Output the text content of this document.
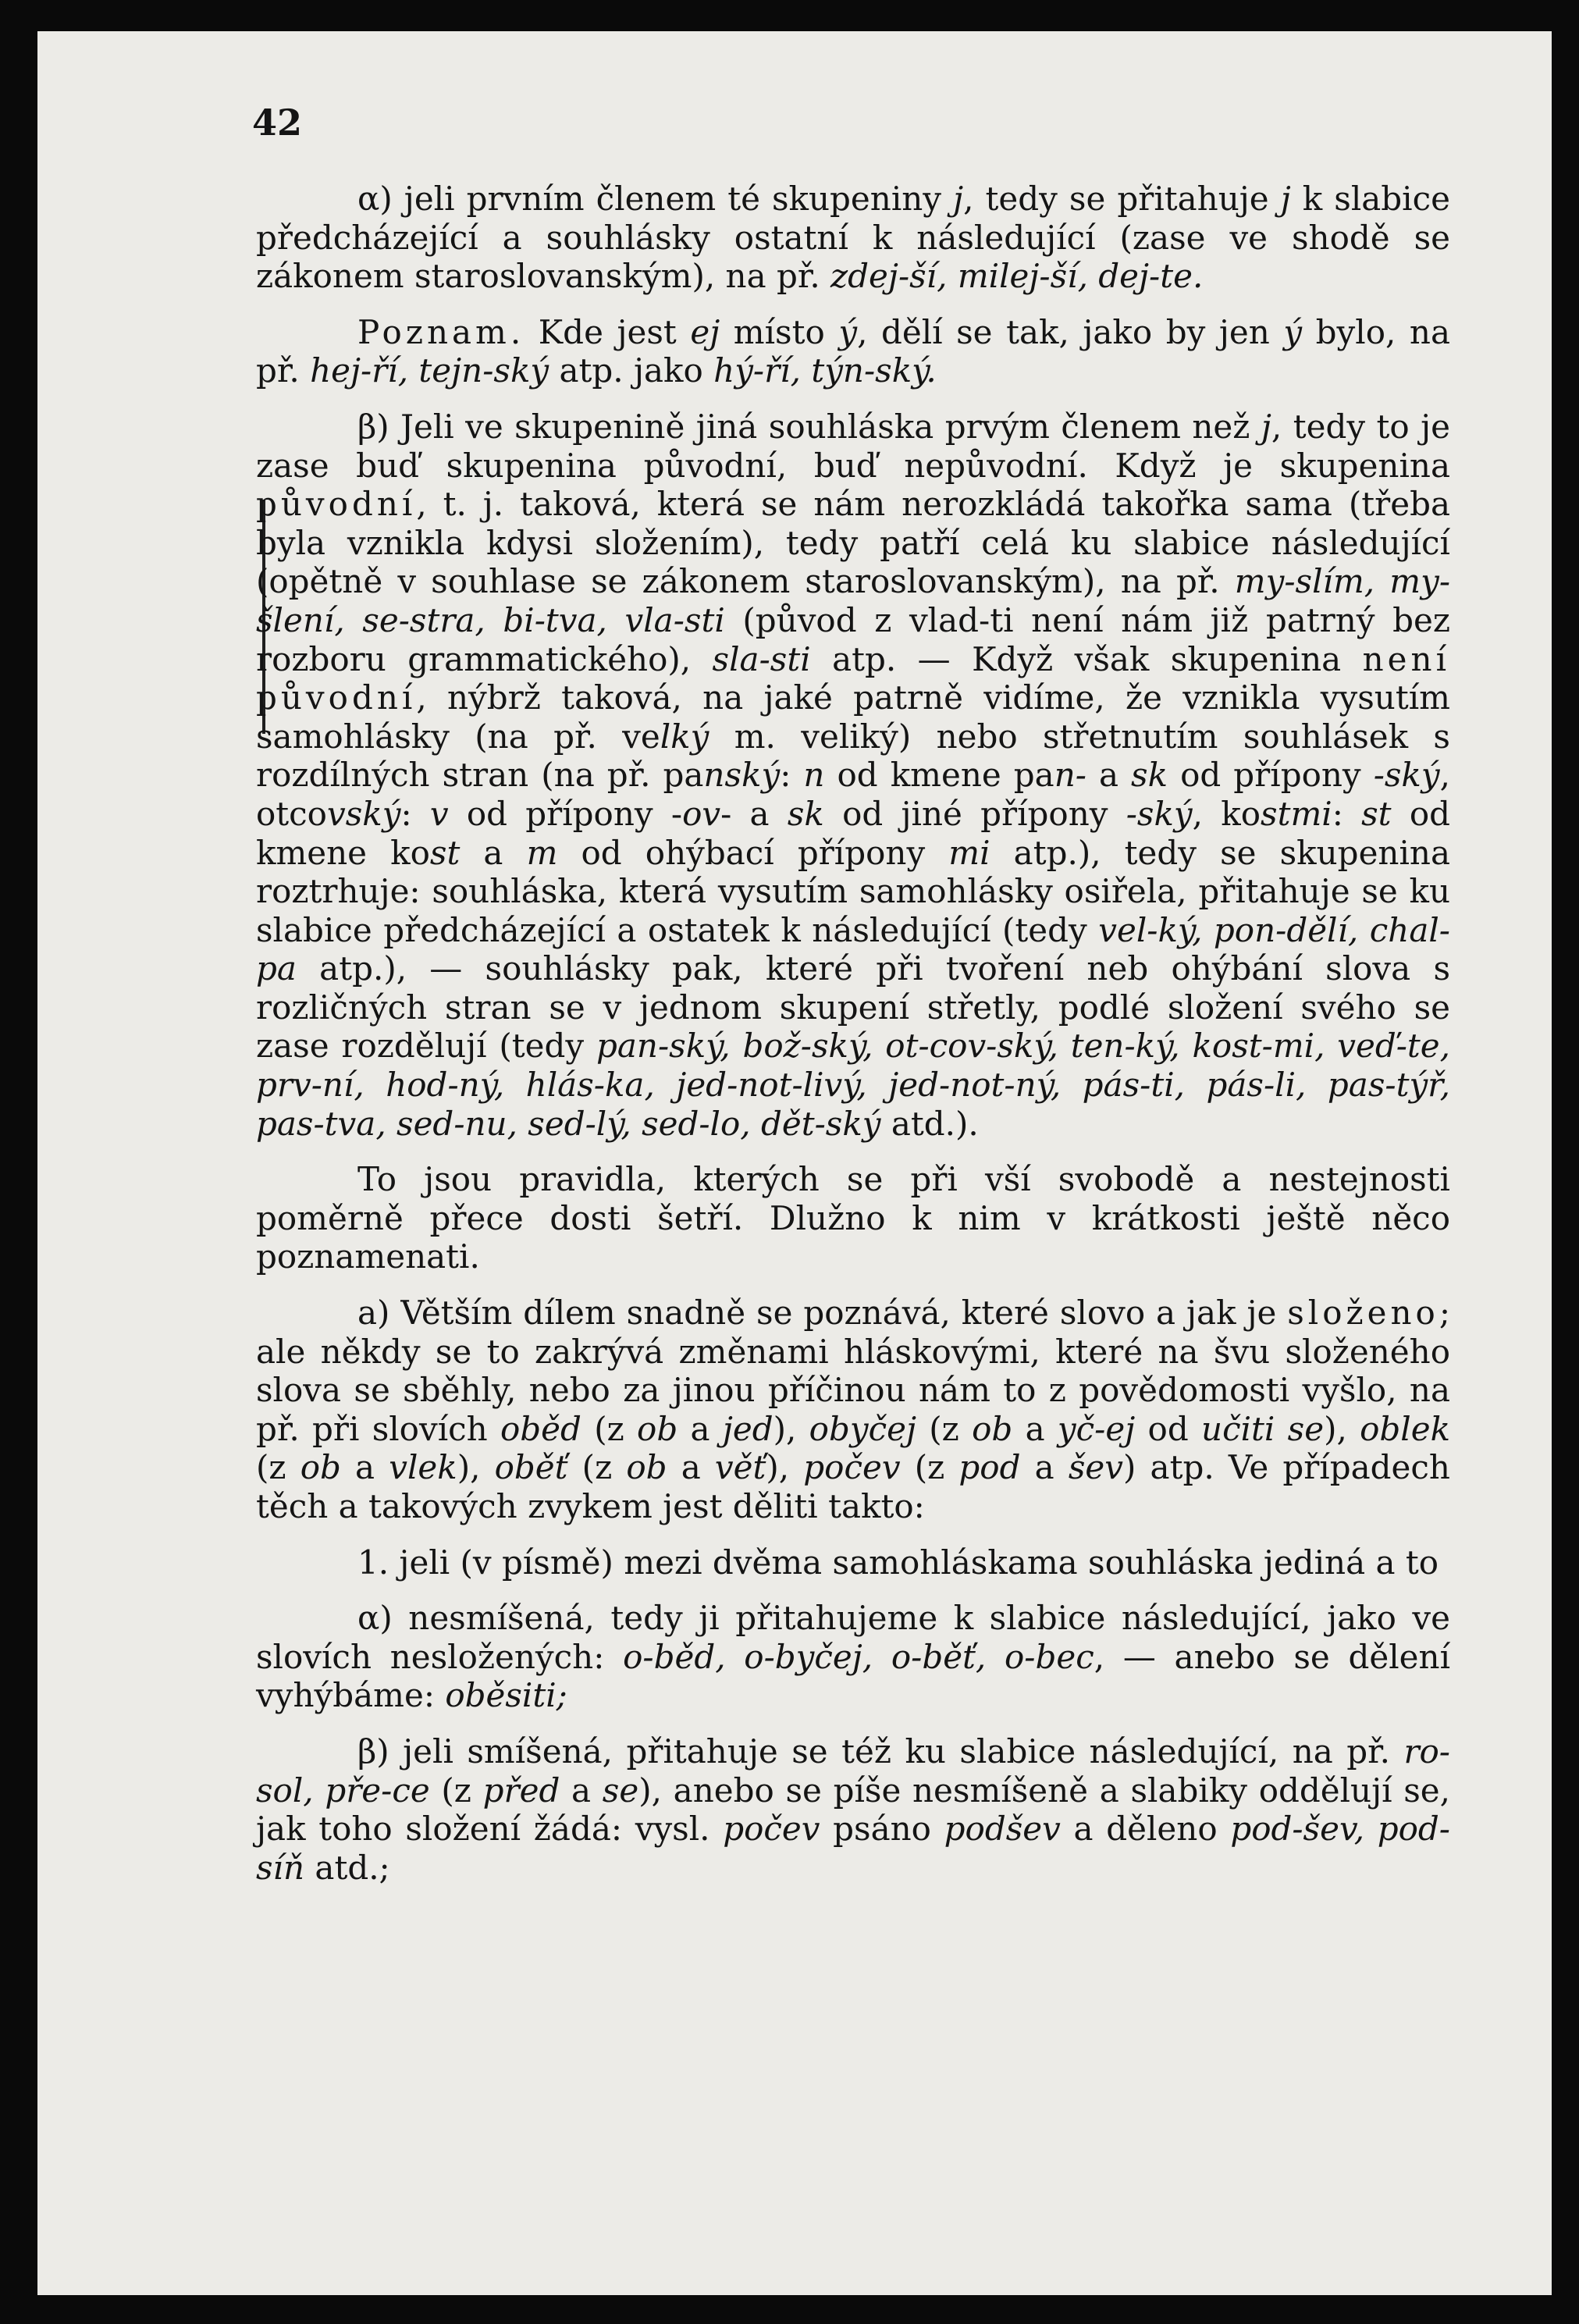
42

α) jeli prvním členem té skupeniny j, tedy se přitahuje j k slabice předcházející a souhlásky ostatní k následující (zase ve shodě se zákonem staroslovanským), na př. zdej-ší, milej-ší, dej-te.

Poznam. Kde jest ej místo ý, dělí se tak, jako by jen ý bylo, na př. hej-ří, tejn-ský atp. jako hý-ří, týn-ský.

β) Jeli ve skupenině jiná souhláska prvým členem než j, tedy to je zase buď skupenina původní, buď nepůvodní. Když je skupenina původní, t. j. taková, která se nám nerozkládá takořka sama (třeba byla vznikla kdysi složením), tedy patří celá ku slabice následující (opětně v souhlase se zákonem staroslovanským), na př. my-slím, my-šlení, se-stra, bi-tva, vla-sti (původ z vlad-ti není nám již patrný bez rozboru grammatického), sla-sti atp. — Když však skupenina není původní, nýbrž taková, na jaké patrně vidíme, že vznikla vysutím samohlásky (na př. velký m. veliký) nebo střetnutím souhlásek s rozdílných stran (na př. panský: n od kmene pan- a sk od přípony -ský, otcovský: v od přípony -ov- a sk od jiné přípony -ský, kostmi: st od kmene kost a m od ohýbací přípony mi atp.), tedy se skupenina roztrhuje: souhláska, která vysutím samohlásky osiřela, přitahuje se ku slabice předcházející a ostatek k následující (tedy vel-ký, pon-dělí, chal-pa atp.), — souhlásky pak, které při tvoření neb ohýbání slova s rozličných stran se v jednom skupení střetly, podlé složení svého se zase rozdělují (tedy pan-ský, bož-ský, ot-cov-ský, ten-ký, kost-mi, veď-te, prv-ní, hod-ný, hlás-ka, jed-not-livý, jed-not-ný, pás-ti, pás-li, pas-týř, pas-tva, sed-nu, sed-lý, sed-lo, dět-ský atd.).

To jsou pravidla, kterých se při vší svobodě a nestejnosti poměrně přece dosti šetří. Dlužno k nim v krátkosti ještě něco poznamenati.

a) Větším dílem snadně se poznává, které slovo a jak je složeno; ale někdy se to zakrývá změnami hláskovými, které na švu složeného slova se sběhly, nebo za jinou příčinou nám to z povědomosti vyšlo, na př. při slovích oběd (z ob a jed), obyčej (z ob a yč-ej od učiti se), oblek (z ob a vlek), oběť (z ob a věť), počev (z pod a šev) atp. Ve případech těch a takových zvykem jest děliti takto:

1. jeli (v písmě) mezi dvěma samohláskama souhláska jediná a to

α) nesmíšená, tedy ji přitahujeme k slabice následující, jako ve slovích nesložených: o-běd, o-byčej, o-běť, o-bec, — anebo se dělení vyhýbáme: oběsiti;

β) jeli smíšená, přitahuje se též ku slabice následující, na př. ro-sol, pře-ce (z před a se), anebo se píše nesmíšeně a slabiky oddělují se, jak toho složení žádá: vysl. počev psáno podšev a děleno pod-šev, pod-síň atd.;
